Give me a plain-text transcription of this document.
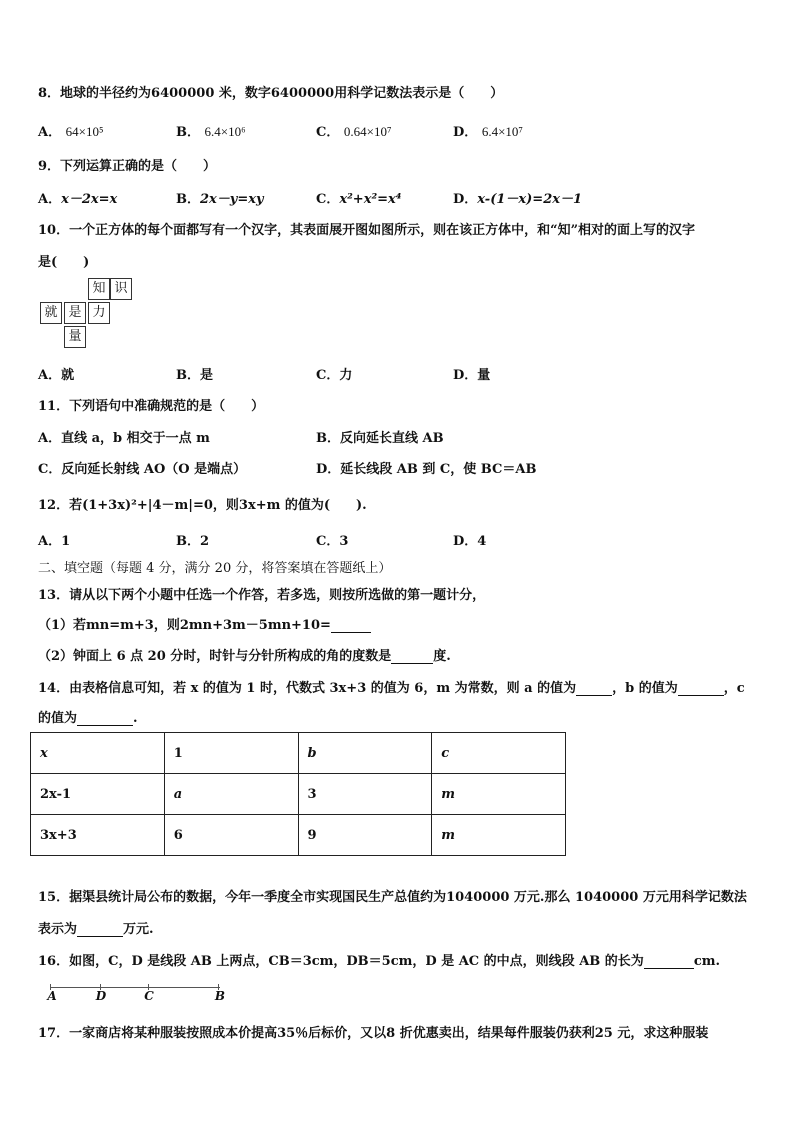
8．地球的半径约为6400000 米，数字6400000用科学记数法表示是（　　）
A． 64×10⁵	B． 6.4×10⁶	C． 0.64×10⁷	D． 6.4×10⁷
9．下列运算正确的是（　　）
A．x－2x=x	B．2x－y=xy	C．x²+x²=x⁴	D．x-(1－x)=2x－1
10．一个正方体的每个面都写有一个汉字，其表面展开图如图所示，则在该正方体中，和“知”相对的面上写的汉字
是(　　)
知 识
就 是 力
量
A．就	B．是	C．力	D．量
11．下列语句中准确规范的是（　　）
A．直线 a，b 相交于一点 m	B．反向延长直线 AB
C．反向延长射线 AO（O 是端点）	D．延长线段 AB 到 C，使 BC＝AB
12．若(1+3x)²+|4－m|=0，则3x+m 的值为(　　).
A．1	B．2	C．3	D．4
二、填空题（每题 4 分，满分 20 分，将答案填在答题纸上）
13．请从以下两个小题中任选一个作答，若多选，则按所选做的第一题计分，
（1）若mn=m+3，则2mn+3m－5mn+10=
（2）钟面上 6 点 20 分时，时针与分针所构成的角的度数是	度.
14．由表格信息可知，若 x 的值为 1 时，代数式 3x+3 的值为 6，m 为常数，则 a 的值为	，b 的值为	，c
的值为	.
x	1	b	c
2x-1	a	3	m
3x+3	6	9	m
15．据渠县统计局公布的数据，今年一季度全市实现国民生产总值约为1040000 万元.那么 1040000 万元用科学记数法
表示为	万元.
16．如图，C，D 是线段 AB 上两点，CB＝3cm，DB＝5cm，D 是 AC 的中点，则线段 AB 的长为	cm.
A	D	C	B
17．一家商店将某种服装按照成本价提高35％后标价，又以8 折优惠卖出，结果每件服装仍获利25 元，求这种服装
